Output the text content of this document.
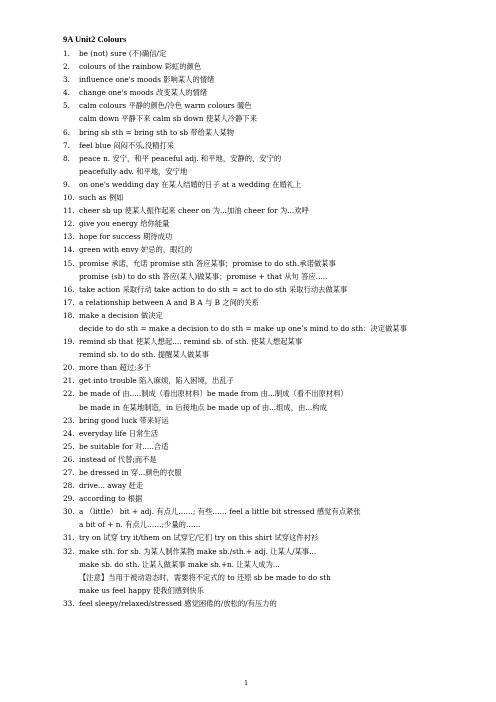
9A Unit2 Colours
1.	be (not) sure (不)确信/定
2.	colours of the rainbow 彩虹的颜色
3.	influence one's moods 影响某人的情绪
4.	change one's moods 改变某人的情绪
5.	calm colours 平静的颜色/冷色 warm colours 暖色
calm down 平静下来 calm sb down 使某人冷静下来
6.	bring sb sth = bring sth to sb 带给某人某物
7.	feel blue 闷闷不乐,没精打采
8.	peace n. 安宁，和平 peaceful adj. 和平地，安静的，安宁的
peacefully adv. 和平地，安宁地
9.	on one's wedding day 在某人结婚的日子 at a wedding 在婚礼上
10. such as 例如
11. cheer sb up 使某人振作起来 cheer on 为...加油 cheer for 为...欢呼
12. give you energy 给你能量
13. hope for success 期待成功
14. green with envy 妒忌的，眼红的
15. promise 承诺，允诺 promise sth 答应某事；promise to do sth.承诺做某事
promise (sb) to do sth 答应(某人)做某事；promise + that 从句 答应.....
16. take action 采取行动 take action to do sth = act to do sth 采取行动去做某事
17. a relationship between A and B A 与 B 之间的关系
18. make a decision 做决定
decide to do sth = make a decision to do sth = make up one’s mind to do sth：决定做某事
19. remind sb that 使某人想起.... remind sb. of sth. 使某人想起某事
remind sb. to do sth. 提醒某人做某事
20. more than 超过;多于
21. get into trouble 陷入麻烦，陷入困境，出乱子
22. be made of 由.....制成（看出原材料）be made from 由...制成（看不出原材料）
be made in 在某地制造，in 后接地点 be made up of 由...组成，由...构成
23. bring good luck 带来好运
24. everyday life 日常生活
25. be suitable for 对.....合适
26. instead of 代替;而不是
27. be dressed in 穿...颜色的衣服
28. drive... away 赶走
29. according to 根据
30. a （little） bit + adj. 有点儿……; 有些…… feel a little bit stressed 感觉有点紧张
a bit of + n. 有点儿……;少量的……
31. try on 试穿 try it/them on 试穿它/它们 try on this shirt 试穿这件衬衫
32. make sth. for sb. 为某人制作某物 make sb./sth.+ adj. 让某人/某事...
make sb. do sth. 让某人做某事 make sb.+n. 让某人成为...
【注意】当用于被动语态时，需要将不定式的 to 还原 sb be made to do sth
make us feel happy 使我们感到快乐
33. feel sleepy/relaxed/stressed 感觉困倦的/放松的/有压力的
1
